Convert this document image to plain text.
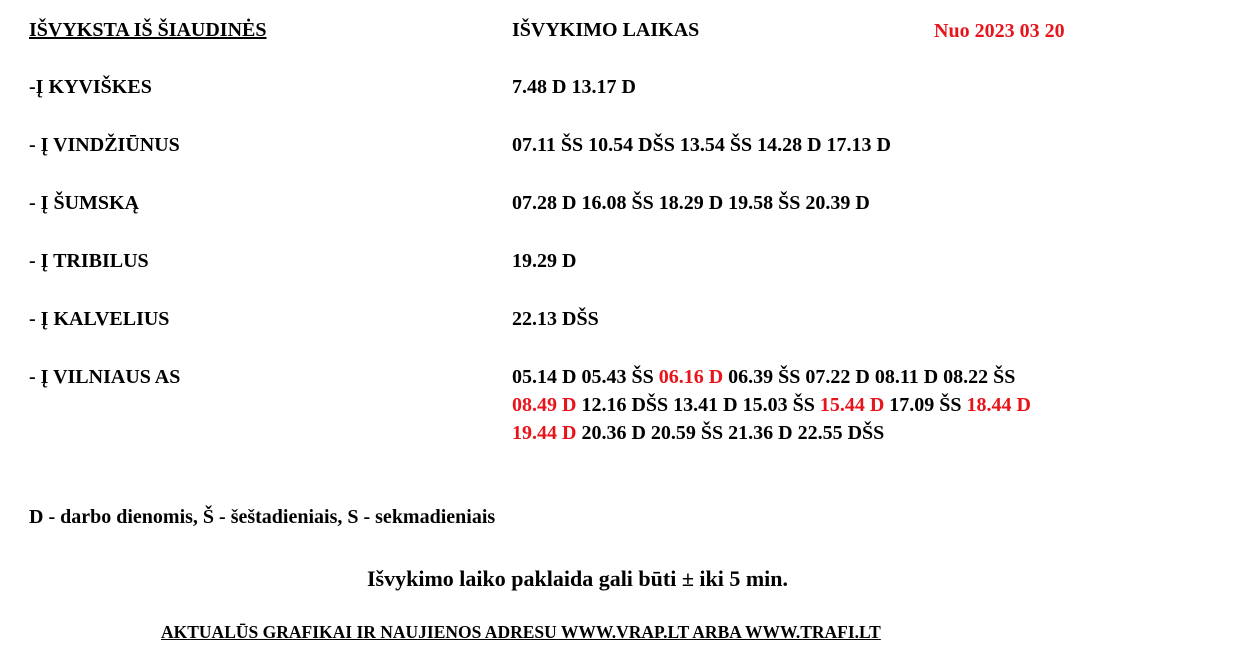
IŠVYKSTA IŠ ŠIAUDINĖS	IŠVYKIMO LAIKAS	Nuo 2023 03 20
-Į KYVIŠKES
- Į VINDŽIŪNUS
- Į ŠUMSKĄ
- Į TRIBILUS
- Į KALVELIUS
- Į VILNIAUS AS
7.48 D 13.17 D
07.11 ŠS 10.54 DŠS 13.54 ŠS 14.28 D 17.13 D
07.28 D 16.08 ŠS 18.29 D 19.58 ŠS 20.39 D
19.29 D
22.13 DŠS
05.14 D 05.43 ŠS 06.16 D 06.39 ŠS 07.22 D 08.11 D 08.22 ŠS
08.49 D 12.16 DŠS 13.41 D 15.03 ŠS 15.44 D 17.09 ŠS 18.44 D
19.44 D 20.36 D 20.59 ŠS 21.36 D 22.55 DŠS
D - darbo dienomis, Š - šeštadieniais, S - sekmadieniais
Išvykimo laiko paklaida gali būti ± iki 5 min.
AKTUALŪS GRAFIKAI IR NAUJIENOS ADRESU WWW.VRAP.LT ARBA WWW.TRAFI.LT
